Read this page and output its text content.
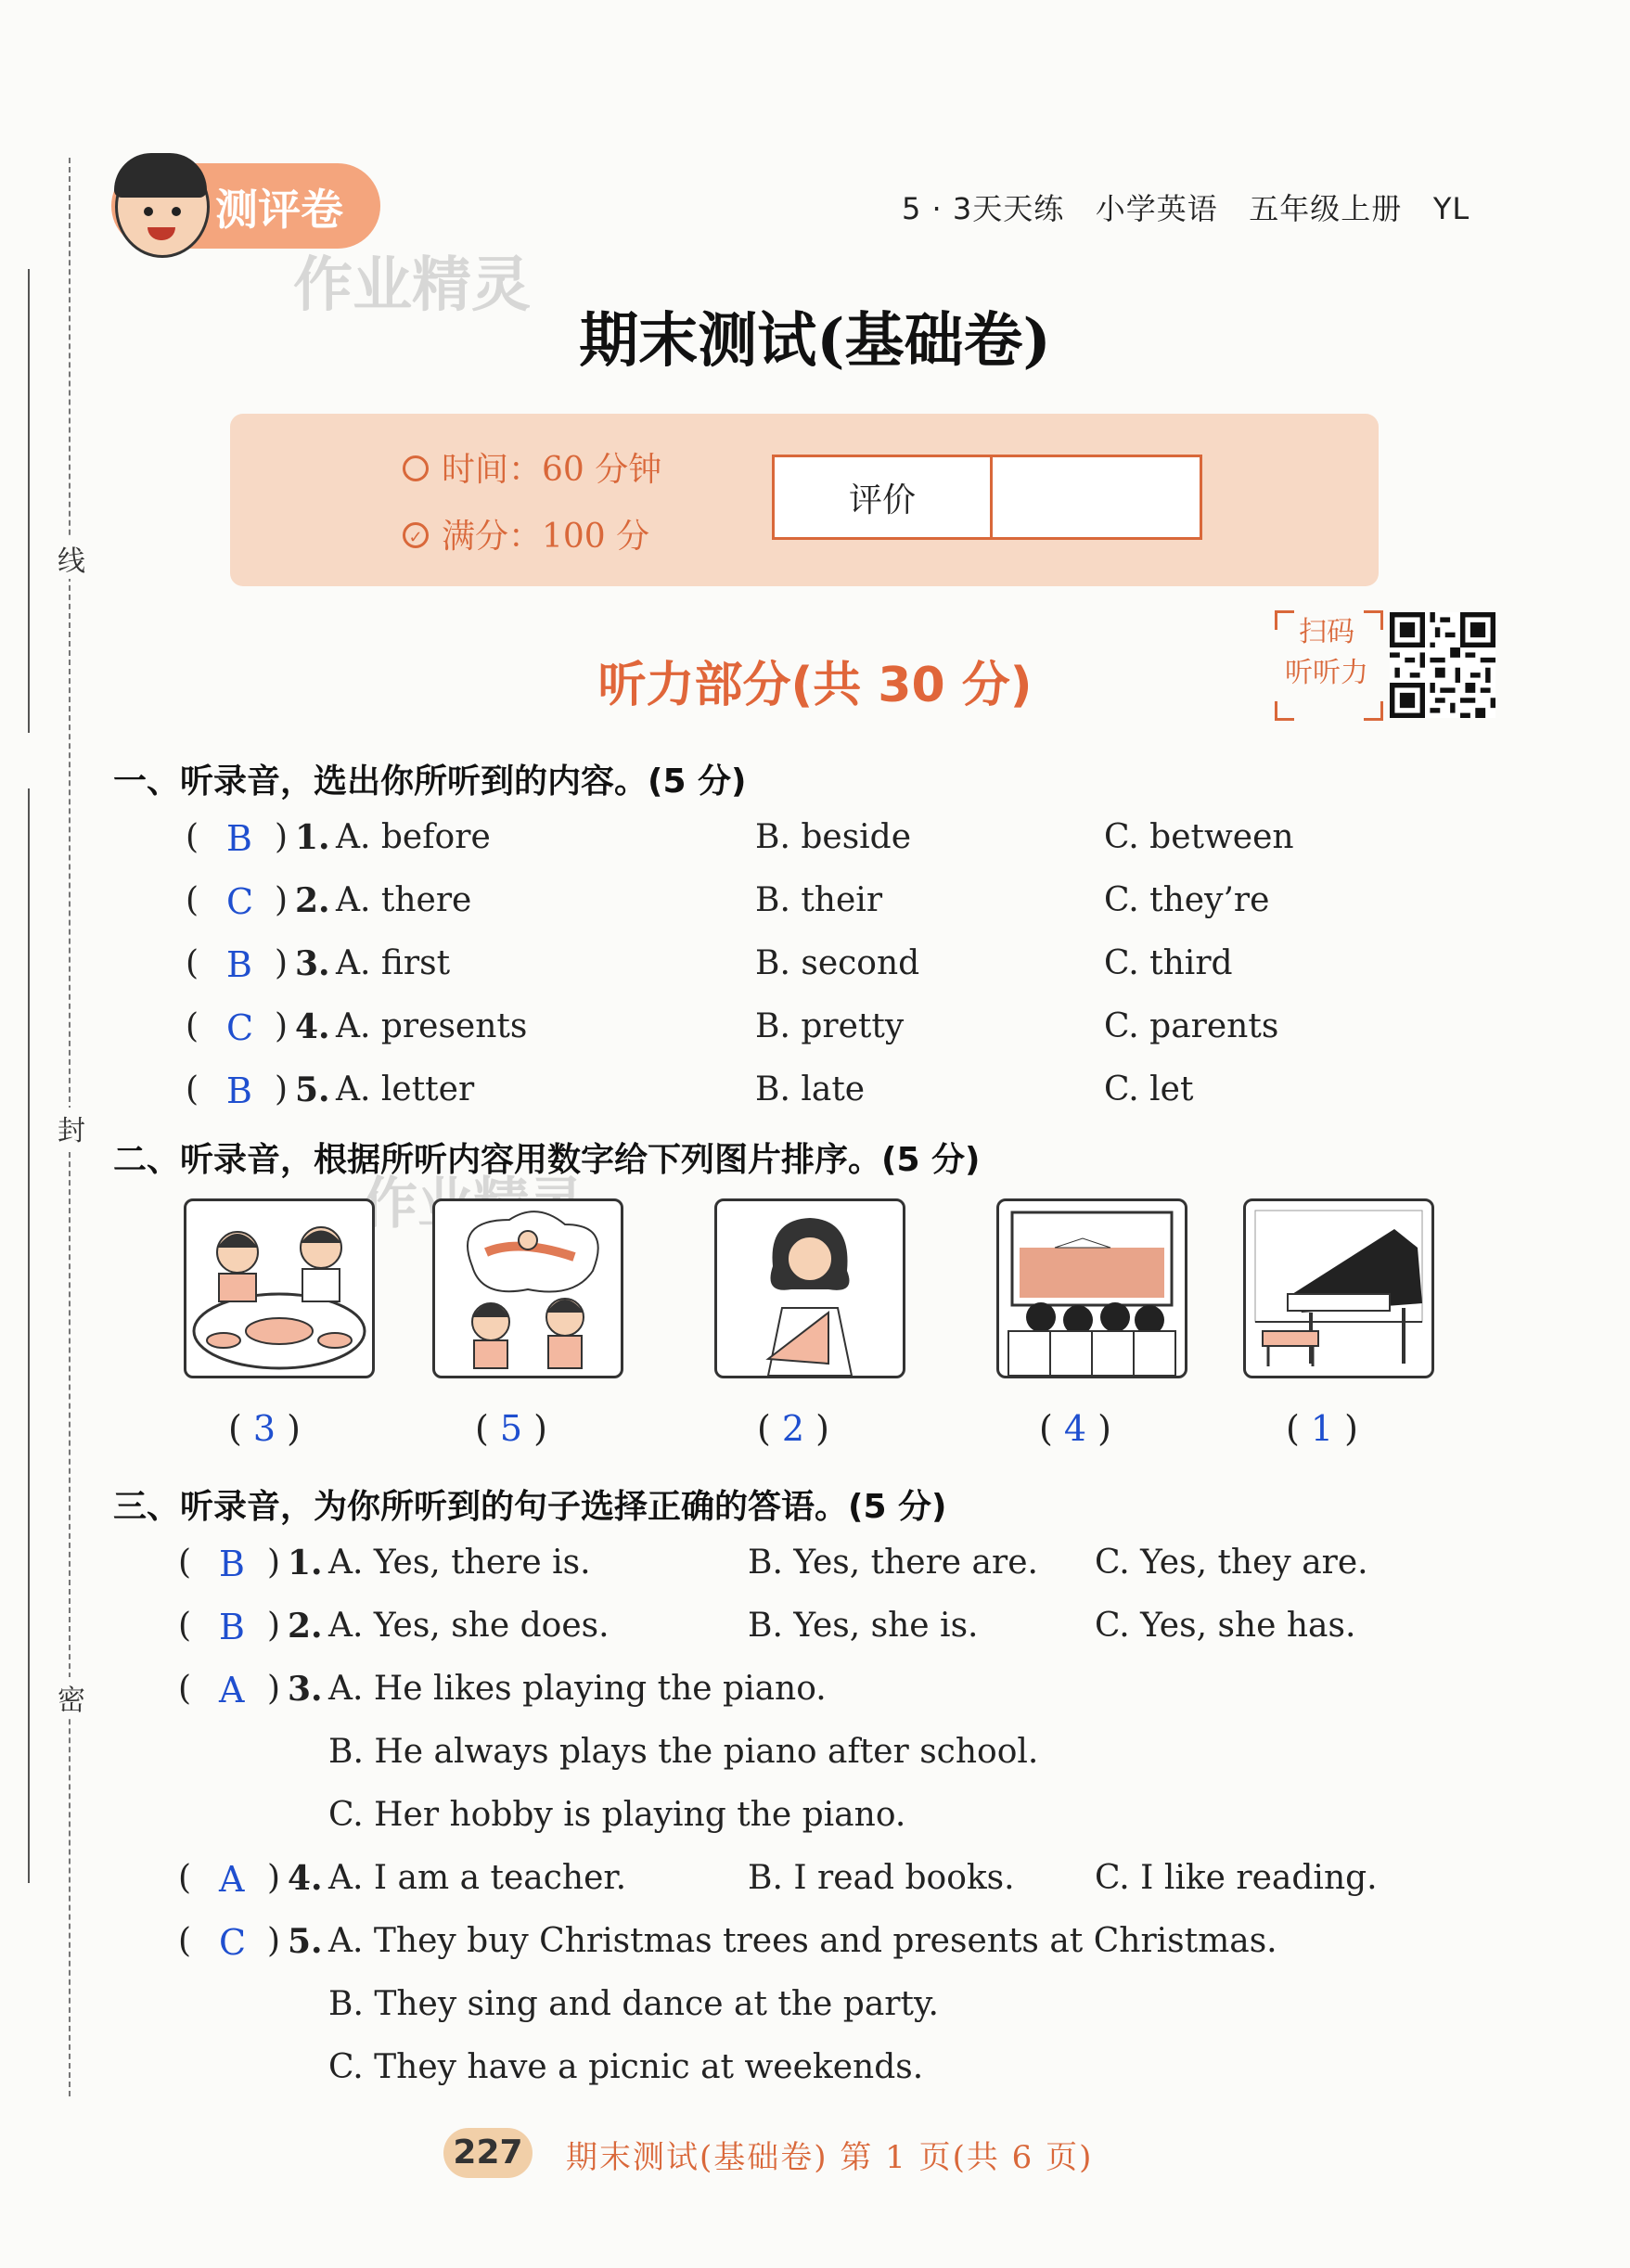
线
封
密
测评卷
作业精灵
5 · 3天天练 小学英语 五年级上册 YL
期末测试(基础卷)
时间：60 分钟
✓ 满分：100 分
评价
听力部分(共 30 分)
扫码
听听力
一、听录音，选出你所听到的内容。(5 分)
( B ) 1. A. before	B. beside	C. between
( C ) 2. A. there	B. their	C. they’re
( B ) 3. A. first	B. second	C. third
( C ) 4. A. presents	B. pretty	C. parents
( B ) 5. A. letter	B. late	C. let
二、听录音，根据所听内容用数字给下列图片排序。(5 分)
( 3 )	( 5 )	( 2 )	( 4 )	( 1 )
三、听录音，为你所听到的句子选择正确的答语。(5 分)
( B ) 1. A. Yes, there is.	B. Yes, there are. C. Yes, they are.
( B ) 2. A. Yes, she does.	B. Yes, she is.	C. Yes, she has.
( A ) 3. A. He likes playing the piano.
B. He always plays the piano after school.
C. Her hobby is playing the piano.
( A ) 4. A. I am a teacher.	B. I read books. C. I like reading.
( C ) 5. A. They buy Christmas trees and presents at Christmas.
B. They sing and dance at the party.
C. They have a picnic at weekends.
227	期末测试(基础卷) 第 1 页(共 6 页)
